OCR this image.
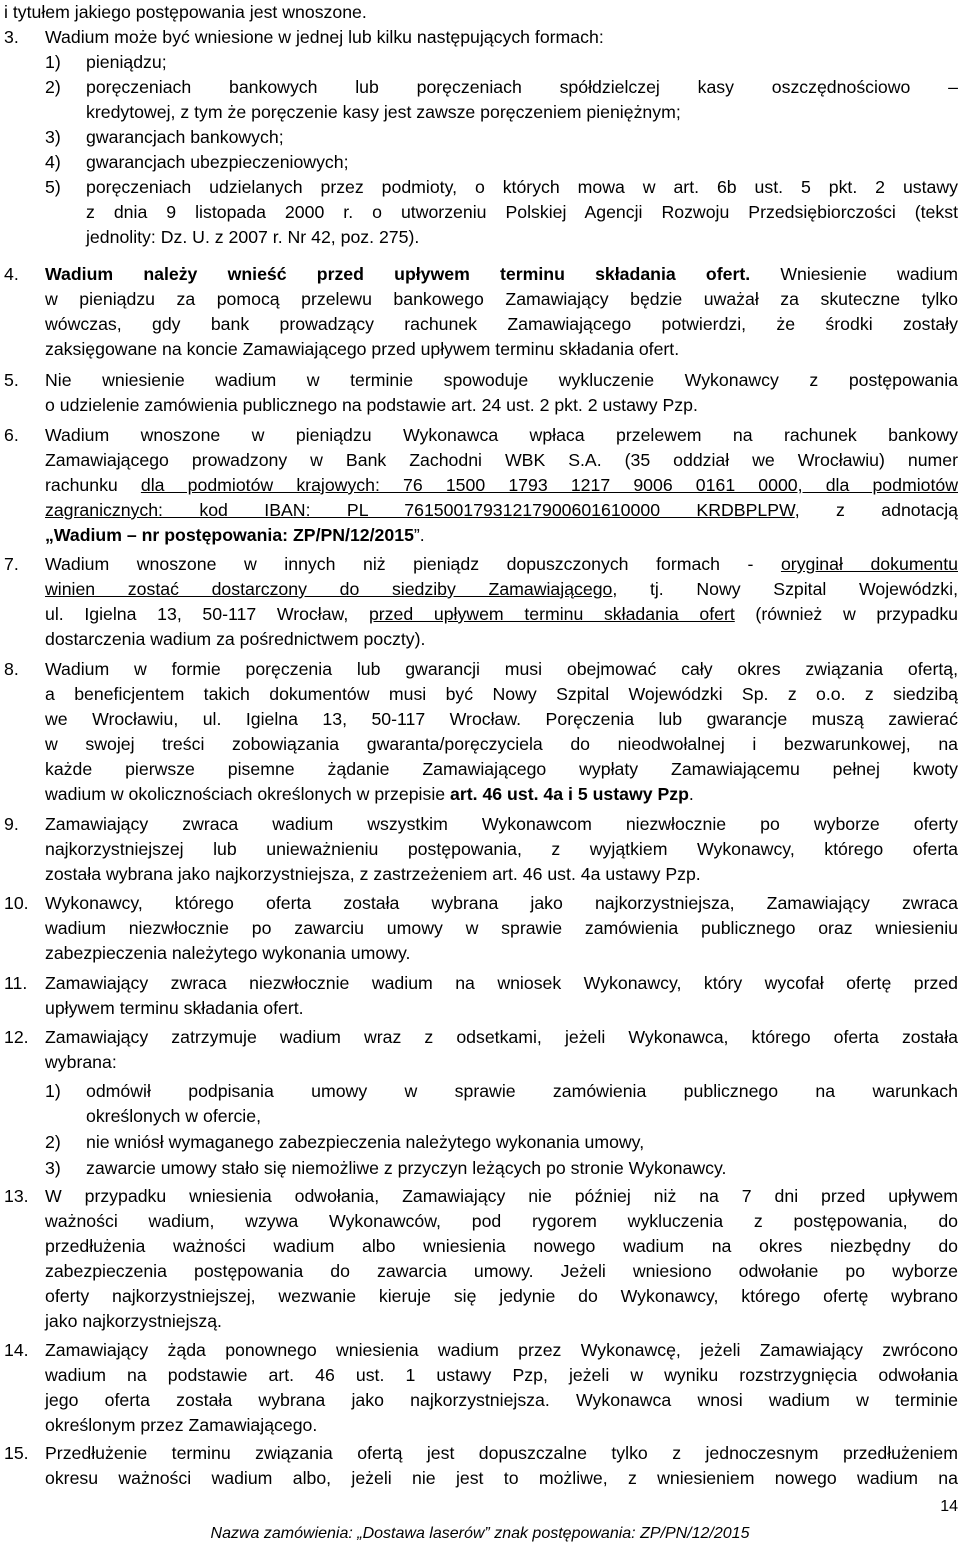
i tytułem jakiego postępowania jest wnoszone.
3. Wadium może być wniesione w jednej lub kilku następujących formach:
1) pieniądzu;
2) poręczeniach bankowych lub poręczeniach spółdzielczej kasy oszczędnościowo –
kredytowej, z tym że poręczenie kasy jest zawsze poręczeniem pieniężnym;
3) gwarancjach bankowych;
4) gwarancjach ubezpieczeniowych;
5) poręczeniach udzielanych przez podmioty, o których mowa w art. 6b ust. 5 pkt. 2 ustawy
z dnia 9 listopada 2000 r. o utworzeniu Polskiej Agencji Rozwoju Przedsiębiorczości (tekst
jednolity: Dz. U. z 2007 r. Nr 42, poz. 275).
4. Wadium należy wnieść przed upływem terminu składania ofert. Wniesienie wadium
w pieniądzu za pomocą przelewu bankowego Zamawiający będzie uważał za skuteczne tylko
wówczas, gdy bank prowadzący rachunek Zamawiającego potwierdzi, że środki zostały
zaksięgowane na koncie Zamawiającego przed upływem terminu składania ofert.
5. Nie wniesienie wadium w terminie spowoduje wykluczenie Wykonawcy z postępowania
o udzielenie zamówienia publicznego na podstawie art. 24 ust. 2 pkt. 2 ustawy Pzp.
6. Wadium wnoszone w pieniądzu Wykonawca wpłaca przelewem na rachunek bankowy
Zamawiającego prowadzony w Bank Zachodni WBK S.A. (35 oddział we Wrocławiu) numer
rachunku dla podmiotów krajowych: 76 1500 1793 1217 9006 0161 0000, dla podmiotów
zagranicznych: kod IBAN: PL 76150017931217900601610000 KRDBPLPW, z adnotacją
„Wadium – nr postępowania: ZP/PN/12/2015”.
7. Wadium wnoszone w innych niż pieniądz dopuszczonych formach - oryginał dokumentu
winien zostać dostarczony do siedziby Zamawiającego, tj. Nowy Szpital Wojewódzki,
ul. Igielna 13, 50-117 Wrocław, przed upływem terminu składania ofert (również w przypadku
dostarczenia wadium za pośrednictwem poczty).
8. Wadium w formie poręczenia lub gwarancji musi obejmować cały okres związania ofertą,
a beneficjentem takich dokumentów musi być Nowy Szpital Wojewódzki Sp. z o.o. z siedzibą
we Wrocławiu, ul. Igielna 13, 50-117 Wrocław. Poręczenia lub gwarancje muszą zawierać
w swojej treści zobowiązania gwaranta/poręczyciela do nieodwołalnej i bezwarunkowej, na
każde pierwsze pisemne żądanie Zamawiającego wypłaty Zamawiającemu pełnej kwoty
wadium w okolicznościach określonych w przepisie art. 46 ust. 4a i 5 ustawy Pzp.
9. Zamawiający zwraca wadium wszystkim Wykonawcom niezwłocznie po wyborze oferty
najkorzystniejszej lub unieważnieniu postępowania, z wyjątkiem Wykonawcy, którego oferta
została wybrana jako najkorzystniejsza, z zastrzeżeniem art. 46 ust. 4a ustawy Pzp.
10. Wykonawcy, którego oferta została wybrana jako najkorzystniejsza, Zamawiający zwraca
wadium niezwłocznie po zawarciu umowy w sprawie zamówienia publicznego oraz wniesieniu
zabezpieczenia należytego wykonania umowy.
11. Zamawiający zwraca niezwłocznie wadium na wniosek Wykonawcy, który wycofał ofertę przed
upływem terminu składania ofert.
12. Zamawiający zatrzymuje wadium wraz z odsetkami, jeżeli Wykonawca, którego oferta została
wybrana:
1) odmówił podpisania umowy w sprawie zamówienia publicznego na warunkach
określonych w ofercie,
2) nie wniósł wymaganego zabezpieczenia należytego wykonania umowy,
3) zawarcie umowy stało się niemożliwe z przyczyn leżących po stronie Wykonawcy.
13. W przypadku wniesienia odwołania, Zamawiający nie później niż na 7 dni przed upływem
ważności wadium, wzywa Wykonawców, pod rygorem wykluczenia z postępowania, do
przedłużenia ważności wadium albo wniesienia nowego wadium na okres niezbędny do
zabezpieczenia postępowania do zawarcia umowy. Jeżeli wniesiono odwołanie po wyborze
oferty najkorzystniejszej, wezwanie kieruje się jedynie do Wykonawcy, którego ofertę wybrano
jako najkorzystniejszą.
14. Zamawiający żąda ponownego wniesienia wadium przez Wykonawcę, jeżeli Zamawiający zwrócono
wadium na podstawie art. 46 ust. 1 ustawy Pzp, jeżeli w wyniku rozstrzygnięcia odwołania
jego oferta została wybrana jako najkorzystniejsza. Wykonawca wnosi wadium w terminie
określonym przez Zamawiającego.
15. Przedłużenie terminu związania ofertą jest dopuszczalne tylko z jednoczesnym przedłużeniem
okresu ważności wadium albo, jeżeli nie jest to możliwe, z wniesieniem nowego wadium na
14
Nazwa zamówienia: „Dostawa laserów” znak postępowania: ZP/PN/12/2015
